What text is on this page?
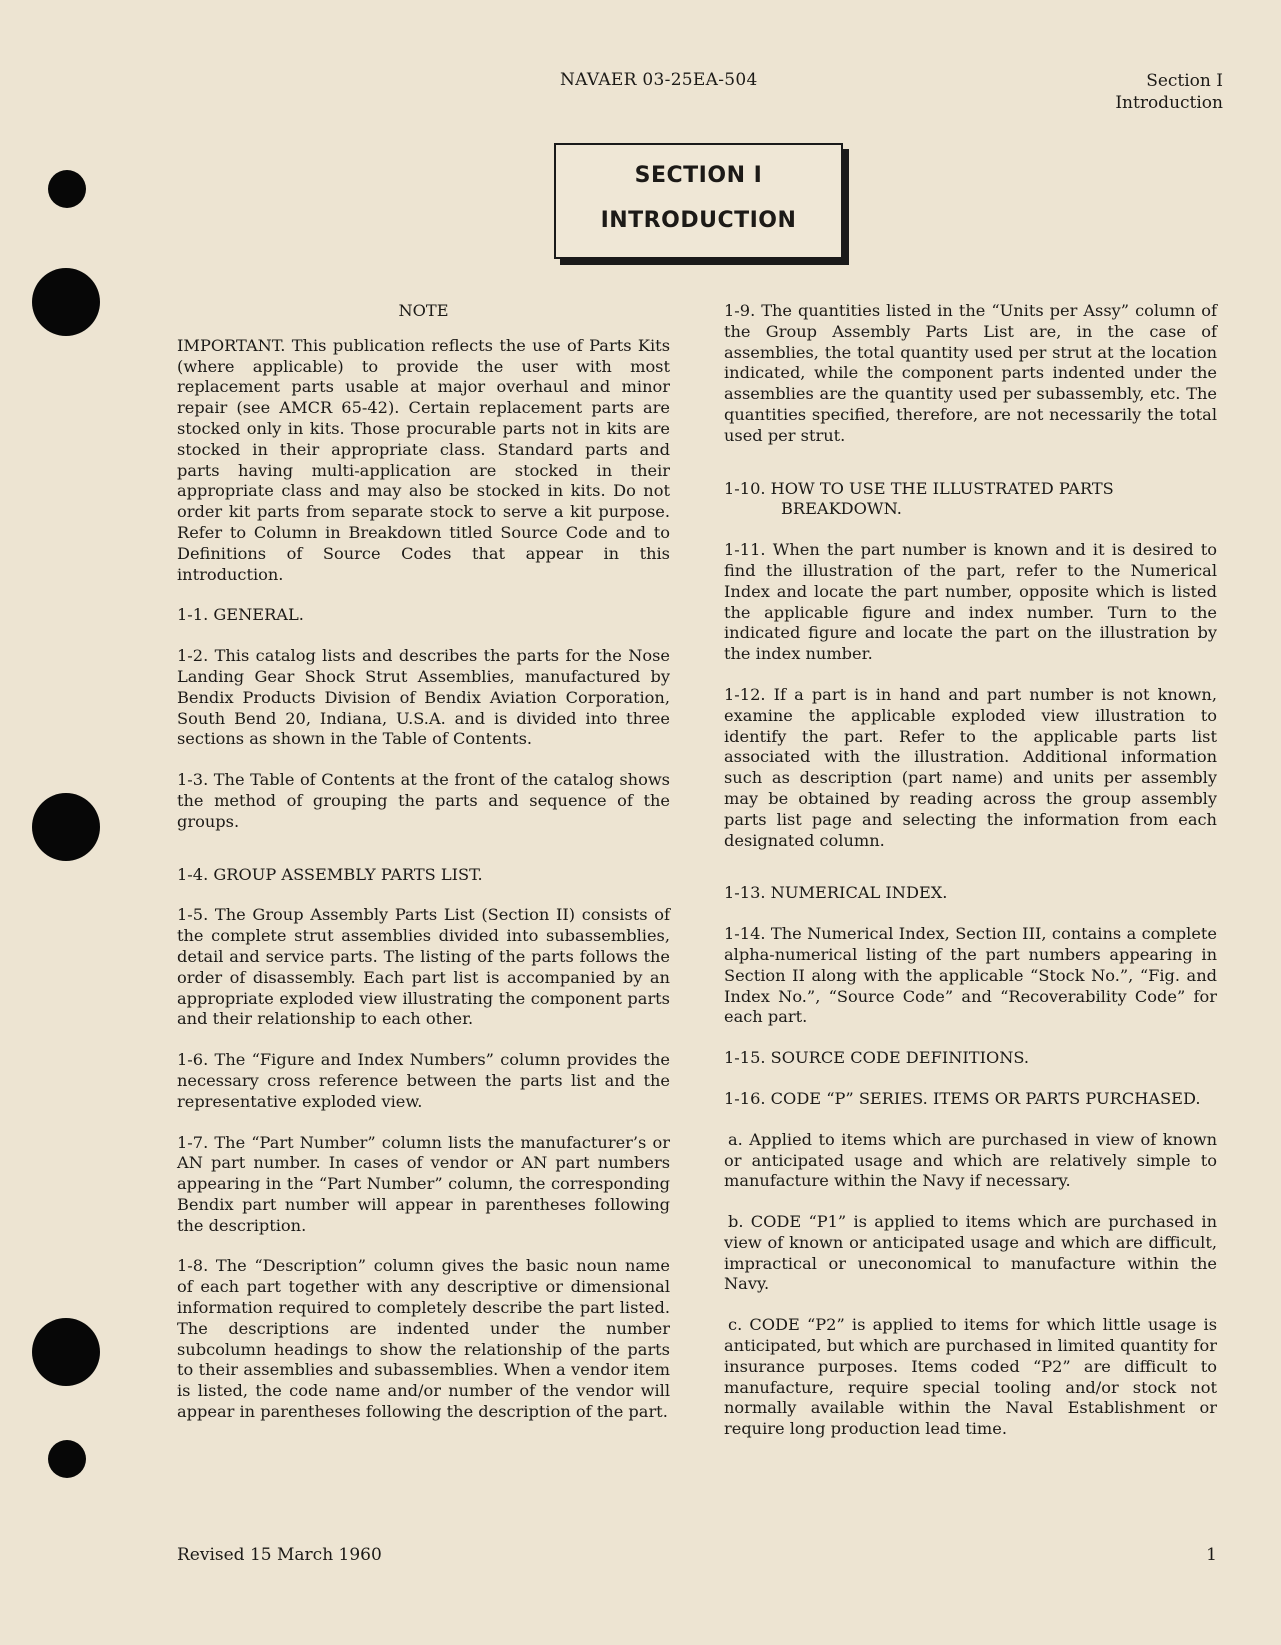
NAVAER 03-25EA-504	Section I
Introduction
SECTION I
INTRODUCTION

NOTE

IMPORTANT. This publication reflects the use of Parts Kits (where applicable) to provide the user with most replacement parts usable at major overhaul and minor repair (see AMCR 65-42). Certain replacement parts are stocked only in kits. Those procurable parts not in kits are stocked in their appropriate class. Standard parts and parts having multi-application are stocked in their appropriate class and may also be stocked in kits. Do not order kit parts from separate stock to serve a kit purpose. Refer to Column in Breakdown titled Source Code and to Definitions of Source Codes that appear in this introduction.

1-1. GENERAL.

1-2. This catalog lists and describes the parts for the Nose Landing Gear Shock Strut Assemblies, manufactured by Bendix Products Division of Bendix Aviation Corporation, South Bend 20, Indiana, U.S.A. and is divided into three sections as shown in the Table of Contents.

1-3. The Table of Contents at the front of the catalog shows the method of grouping the parts and sequence of the groups.

1-4. GROUP ASSEMBLY PARTS LIST.

1-5. The Group Assembly Parts List (Section II) consists of the complete strut assemblies divided into subassemblies, detail and service parts. The listing of the parts follows the order of disassembly. Each part list is accompanied by an appropriate exploded view illustrating the component parts and their relationship to each other.

1-6. The “Figure and Index Numbers” column provides the necessary cross reference between the parts list and the representative exploded view.

1-7. The “Part Number” column lists the manufacturer’s or AN part number. In cases of vendor or AN part numbers appearing in the “Part Number” column, the corresponding Bendix part number will appear in parentheses following the description.

1-8. The “Description” column gives the basic noun name of each part together with any descriptive or dimensional information required to completely describe the part listed. The descriptions are indented under the number subcolumn headings to show the relationship of the parts to their assemblies and subassemblies. When a vendor item is listed, the code name and/or number of the vendor will appear in parentheses following the description of the part.

1-9. The quantities listed in the “Units per Assy” column of the Group Assembly Parts List are, in the case of assemblies, the total quantity used per strut at the location indicated, while the component parts indented under the assemblies are the quantity used per subassembly, etc. The quantities specified, therefore, are not necessarily the total used per strut.

1-10. HOW TO USE THE ILLUSTRATED PARTS BREAKDOWN.

1-11. When the part number is known and it is desired to find the illustration of the part, refer to the Numerical Index and locate the part number, opposite which is listed the applicable figure and index number. Turn to the indicated figure and locate the part on the illustration by the index number.

1-12. If a part is in hand and part number is not known, examine the applicable exploded view illustration to identify the part. Refer to the applicable parts list associated with the illustration. Additional information such as description (part name) and units per assembly may be obtained by reading across the group assembly parts list page and selecting the information from each designated column.

1-13. NUMERICAL INDEX.

1-14. The Numerical Index, Section III, contains a complete alpha-numerical listing of the part numbers appearing in Section II along with the applicable “Stock No.”, “Fig. and Index No.”, “Source Code” and “Recoverability Code” for each part.

1-15. SOURCE CODE DEFINITIONS.

1-16. CODE “P” SERIES. ITEMS OR PARTS PURCHASED.

a. Applied to items which are purchased in view of known or anticipated usage and which are relatively simple to manufacture within the Navy if necessary.

b. CODE “P1” is applied to items which are purchased in view of known or anticipated usage and which are difficult, impractical or uneconomical to manufacture within the Navy.

c. CODE “P2” is applied to items for which little usage is anticipated, but which are purchased in limited quantity for insurance purposes. Items coded “P2” are difficult to manufacture, require special tooling and/or stock not normally available within the Naval Establishment or require long production lead time.

Revised 15 March 1960	1
